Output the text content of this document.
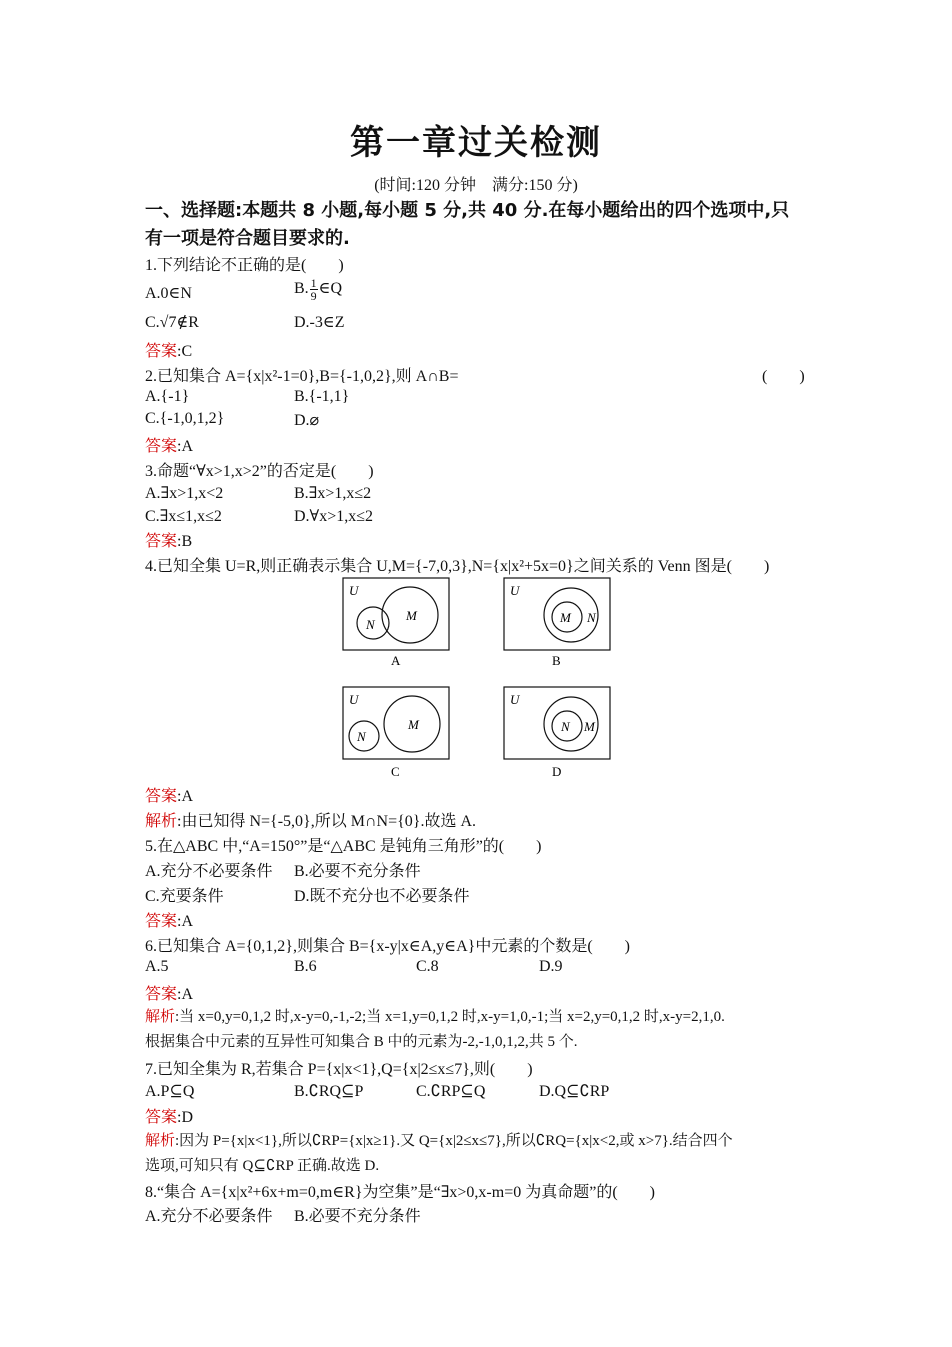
第一章过关检测
(时间:120 分钟　满分:150 分)
一、选择题:本题共 8 小题,每小题 5 分,共 40 分.在每小题给出的四个选项中,只
有一项是符合题目要求的.
1.下列结论不正确的是(　　)
A.0∈N	B. $\frac{1}{9}$ ∈Q
C.√7∉R	D.-3∈Z
答案:C
2.已知集合 A={x|x²-1=0},B={-1,0,2},则 A∩B=	(　　)
A.{-1}	B.{-1,1}
C.{-1,0,1,2}	D.⌀
答案:A
3.命题“∀x>1,x>2”的否定是(　　)
A.∃x>1,x<2	B.∃x>1,x≤2
C.∃x≤1,x≤2	D.∀x>1,x≤2
答案:B
4.已知全集 U=R,则正确表示集合 U,M={-7,0,3},N={x|x²+5x=0}之间关系的 Venn 图是(　　)
U
M
N
A
U
M N
B
U
M
N
C
U
N M
D
答案:A
解析:由已知得 N={-5,0},所以 M∩N={0}.故选 A.
5.在△ABC 中,“A=150°”是“△ABC 是钝角三角形”的(　　)
A.充分不必要条件 B.必要不充分条件
C.充要条件	D.既不充分也不必要条件
答案:A
6.已知集合 A={0,1,2},则集合 B={x-y|x∈A,y∈A}中元素的个数是(　　)
A.5	B.6	C.8	D.9
答案:A
解析:当 x=0,y=0,1,2 时,x-y=0,-1,-2;当 x=1,y=0,1,2 时,x-y=1,0,-1;当 x=2,y=0,1,2 时,x-y=2,1,0.
根据集合中元素的互异性可知集合 B 中的元素为-2,-1,0,1,2,共 5 个.
7.已知全集为 R,若集合 P={x|x<1},Q={x|2≤x≤7},则(　　)
A.P⊆Q	B.∁RQ⊆P	C.∁RP⊆Q	D.Q⊆∁RP
答案:D
解析:因为 P={x|x<1},所以∁RP={x|x≥1}.又 Q={x|2≤x≤7},所以∁RQ={x|x<2,或 x>7}.结合四个
选项,可知只有 Q⊆∁RP 正确.故选 D.
8.“集合 A={x|x²+6x+m=0,m∈R}为空集”是“∃x>0,x-m=0 为真命题”的(　　)
A.充分不必要条件 B.必要不充分条件
